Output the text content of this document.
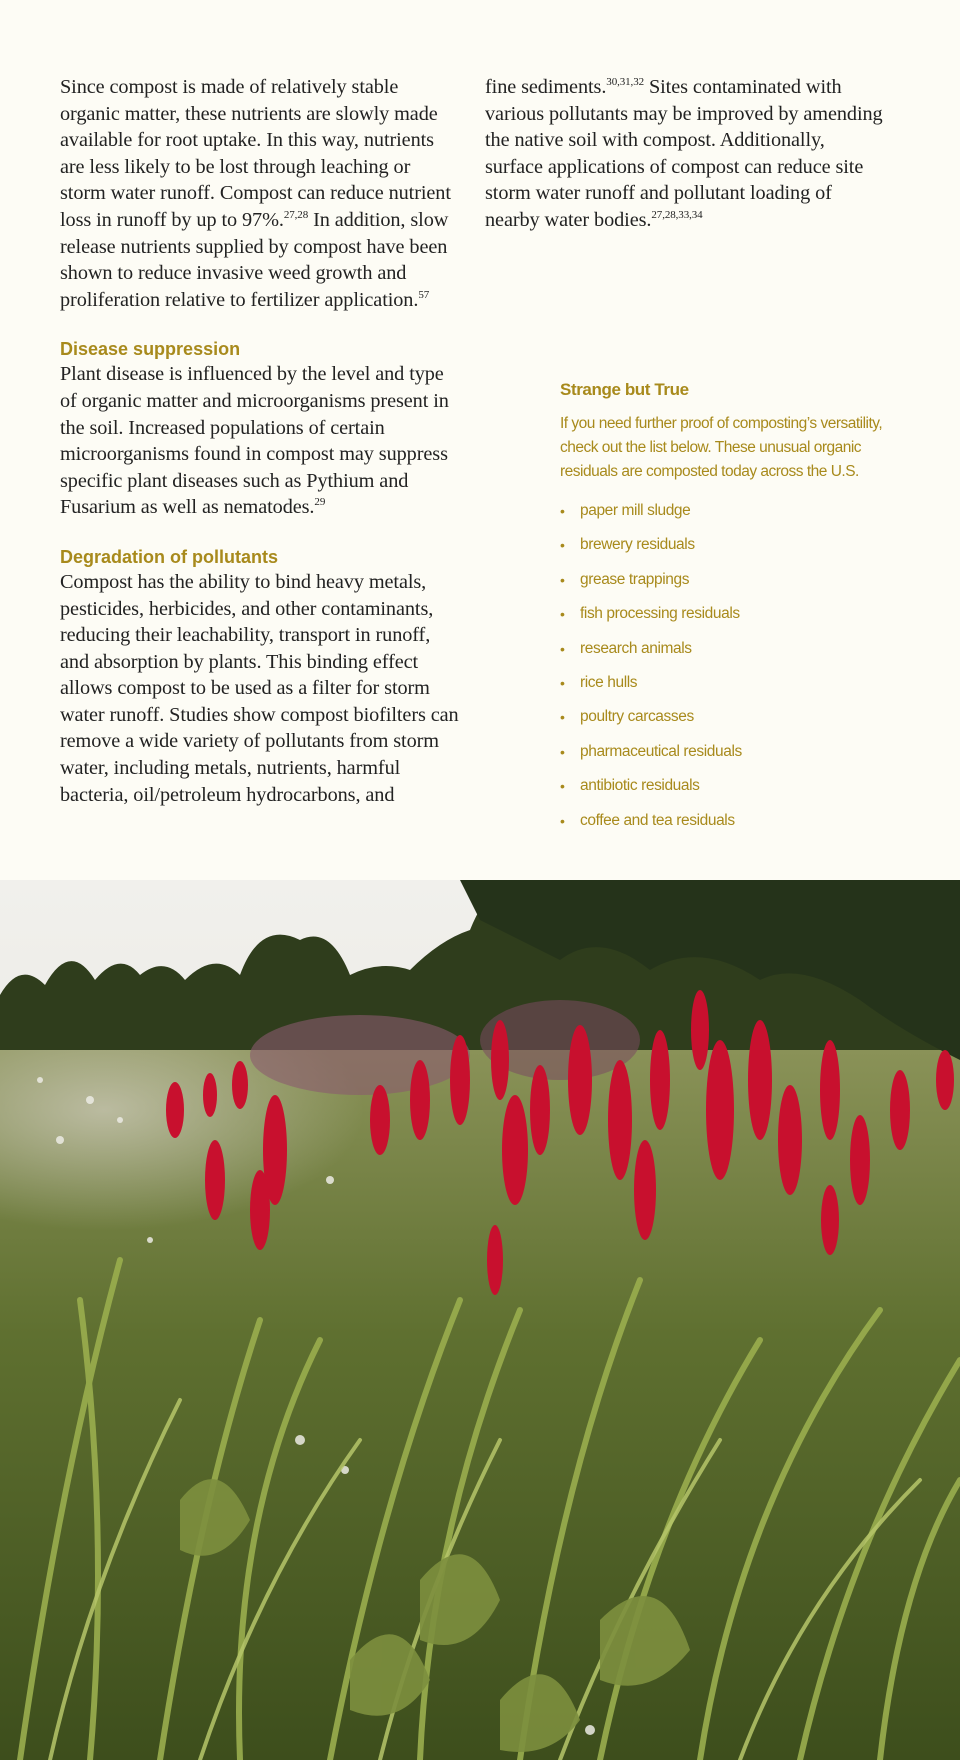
Since compost is made of relatively stable organic matter, these nutrients are slowly made available for root uptake. In this way, nutrients are less likely to be lost through leaching or storm water runoff. Compost can reduce nutrient loss in runoff by up to 97%.$^{27,28}$ In addition, slow release nutrients supplied by compost have been shown to reduce invasive weed growth and proliferation relative to fertilizer application.$^{57}$

Disease suppression

Plant disease is influenced by the level and type of organic matter and microorganisms present in the soil. Increased populations of certain microorganisms found in compost may suppress specific plant diseases such as Pythium and Fusarium as well as nematodes.$^{29}$

Degradation of pollutants

Compost has the ability to bind heavy metals, pesticides, herbicides, and other contaminants, reducing their leachability, transport in runoff, and absorption by plants. This binding effect allows compost to be used as a filter for storm water runoff. Studies show compost biofilters can remove a wide variety of pollutants from storm water, including metals, nutrients, harmful bacteria, oil/petroleum hydrocarbons, and

fine sediments.$^{30,31,32}$ Sites contaminated with various pollutants may be improved by amending the native soil with compost. Additionally, surface applications of compost can reduce site storm water runoff and pollutant loading of nearby water bodies.$^{27,28,33,34}$

Strange but True

If you need further proof of composting’s versatility, check out the list below. These unusual organic residuals are composted today across the U.S.

• paper mill sludge
• brewery residuals
• grease trappings
• fish processing residuals
• research animals
• rice hulls
• poultry carcasses
• pharmaceutical residuals
• antibiotic residuals
• coffee and tea residuals
